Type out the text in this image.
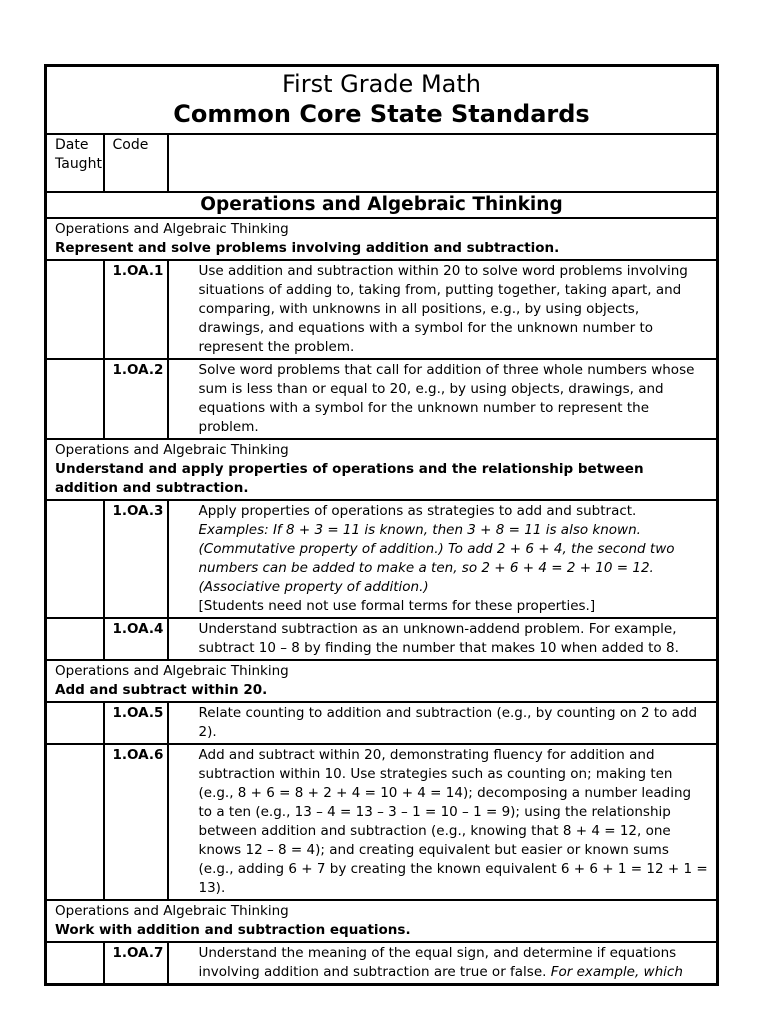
First Grade Math
Common Core State Standards		

Date Taught	Code	
Operations and Algebraic Thinking		

Operations and Algebraic Thinking
Represent and solve problems involving addition and subtraction.		

	1.OA.1	Use addition and subtraction within 20 to solve word problems involving situations of adding to, taking from, putting together, taking apart, and comparing, with unknowns in all positions, e.g., by using objects, drawings, and equations with a symbol for the unknown number to represent the problem.
	1.OA.2	Solve word problems that call for addition of three whole numbers whose sum is less than or equal to 20, e.g., by using objects, drawings, and equations with a symbol for the unknown number to represent the problem.

Operations and Algebraic Thinking
Understand and apply properties of operations and the relationship between addition and subtraction.		

	1.OA.3	Apply properties of operations as strategies to add and subtract.
Examples: If 8 + 3 = 11 is known, then 3 + 8 = 11 is also known. (Commutative property of addition.) To add 2 + 6 + 4, the second two numbers can be added to make a ten, so 2 + 6 + 4 = 2 + 10 = 12. (Associative property of addition.)
[Students need not use formal terms for these properties.]

	1.OA.4	Understand subtraction as an unknown-addend problem. For example, subtract 10 – 8 by finding the number that makes 10 when added to 8.

Operations and Algebraic Thinking
Add and subtract within 20.		

	1.OA.5	Relate counting to addition and subtraction (e.g., by counting on 2 to add 2).
	1.OA.6	Add and subtract within 20, demonstrating fluency for addition and subtraction within 10. Use strategies such as counting on; making ten (e.g., 8 + 6 = 8 + 2 + 4 = 10 + 4 = 14); decomposing a number leading to a ten (e.g., 13 – 4 = 13 – 3 – 1 = 10 – 1 = 9); using the relationship between addition and subtraction (e.g., knowing that 8 + 4 = 12, one knows 12 – 8 = 4); and creating equivalent but easier or known sums (e.g., adding 6 + 7 by creating the known equivalent 6 + 6 + 1 = 12 + 1 = 13).

Operations and Algebraic Thinking
Work with addition and subtraction equations.		

	1.OA.7	Understand the meaning of the equal sign, and determine if equations involving addition and subtraction are true or false. For example, which
